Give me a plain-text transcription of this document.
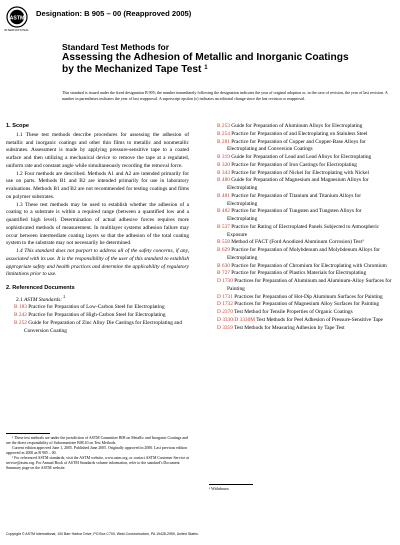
ASTM
INTERNATIONAL
Designation: B 905 – 00 (Reapproved 2005)
Standard Test Methods for
Assessing the Adhesion of Metallic and Inorganic Coatings
by the Mechanized Tape Test $^1$
This standard is issued under the fixed designation B 905; the number immediately following the designation indicates the year of original adoption or, in the case of revision, the year of last revision. A number in parentheses indicates the year of last reapproval. A superscript epsilon (ε) indicates an editorial change since the last revision or reapproval.
1. Scope

1.1 These test methods describe procedures for assessing the adhesion of metallic and inorganic coatings and other thin films to metallic and nonmetallic substrates. Assessment is made by applying pressure-sensitive tape to a coated surface and then utilizing a mechanical device to remove the tape at a regulated, uniform rate and constant angle while simultaneously recording the removal force.

1.2 Four methods are described. Methods A1 and A2 are intended primarily for use on parts. Methods B1 and B2 are intended primarily for use in laboratory evaluations. Methods B1 and B2 are not recommended for testing coatings and films on polymer substrates.

1.3 These test methods may be used to establish whether the adhesion of a coating to a substrate is within a required range (between a quantified low and a quantified high level). Determination of actual adhesive forces requires more sophisticated methods of measurement. In multilayer systems adhesion failure may occur between intermediate coating layers so that the adhesion of the total coating system to the substrate may not necessarily be determined.

1.4 This standard does not purport to address all of the safety concerns, if any, associated with its use. It is the responsibility of the user of this standard to establish appropriate safety and health practices and determine the applicability of regulatory limitations prior to use.

2. Referenced Documents
2.1 ASTM Standards: $^2$
B 183 Practice for Preparation of Low-Carbon Steel for Electroplating
B 242 Practice for Preparation of High-Carbon Steel for Electroplating
B 252 Guide for Preparation of Zinc Alloy Die Castings for Electroplating and Conversion Coating

¹ These test methods are under the jurisdiction of ASTM Committee B08 on Metallic and Inorganic Coatings and are the direct responsibility of Subcommittee B08.10 on Test Methods.

Current edition approved June 1, 2005. Published June 2005. Originally approved in 2000. Last previous edition approved in 2000 as B 905 – 00.

² For referenced ASTM standards, visit the ASTM website, www.astm.org, or contact ASTM Customer Service at service@astm.org. For Annual Book of ASTM Standards volume information, refer to the standard's Document Summary page on the ASTM website.

B 253 Guide for Preparation of Aluminum Alloys for Electroplating
B 254 Practice for Preparation of and Electroplating on Stainless Steel
B 281 Practice for Preparation of Copper and Copper-Base Alloys for Electroplating and Conversion Coatings
B 319 Guide for Preparation of Lead and Lead Alloys for Electroplating
B 320 Practice for Preparation of Iron Castings for Electroplating
B 343 Practice for Preparation of Nickel for Electroplating with Nickel
B 480 Guide for Preparation of Magnesium and Magnesium Alloys for Electroplating
B 481 Practice for Preparation of Titanium and Titanium Alloys for Electroplating
B 482 Practice for Preparation of Tungsten and Tungsten Alloys for Electroplating
B 537 Practice for Rating of Electroplated Panels Subjected to Atmospheric Exposure
B 558 Method of FACT (Ford Anodized Aluminum Corrosion) Test³
B 629 Practice for Preparation of Molybdenum and Molybdenum Alloys for Electroplating
B 630 Practice for Preparation of Chromium for Electroplating with Chromium
B 727 Practice for Preparation of Plastics Materials for Electroplating
D 1730 Practices for Preparation of Aluminum and Aluminum-Alloy Surfaces for Painting
D 1731 Practices for Preparation of Hot-Dip Aluminum Surfaces for Painting
D 1732 Practices for Preparation of Magnesium Alloy Surfaces for Painting
D 2370 Test Method for Tensile Properties of Organic Coatings
D 3330/D 3330M Test Methods for Peel Adhesion of Pressure-Sensitive Tape
D 3359 Test Methods for Measuring Adhesion by Tape Test
³ Withdrawn.
Copyright © ASTM International, 100 Barr Harbor Drive, PO Box C700, West Conshohocken, PA 19428-2959, United States.
